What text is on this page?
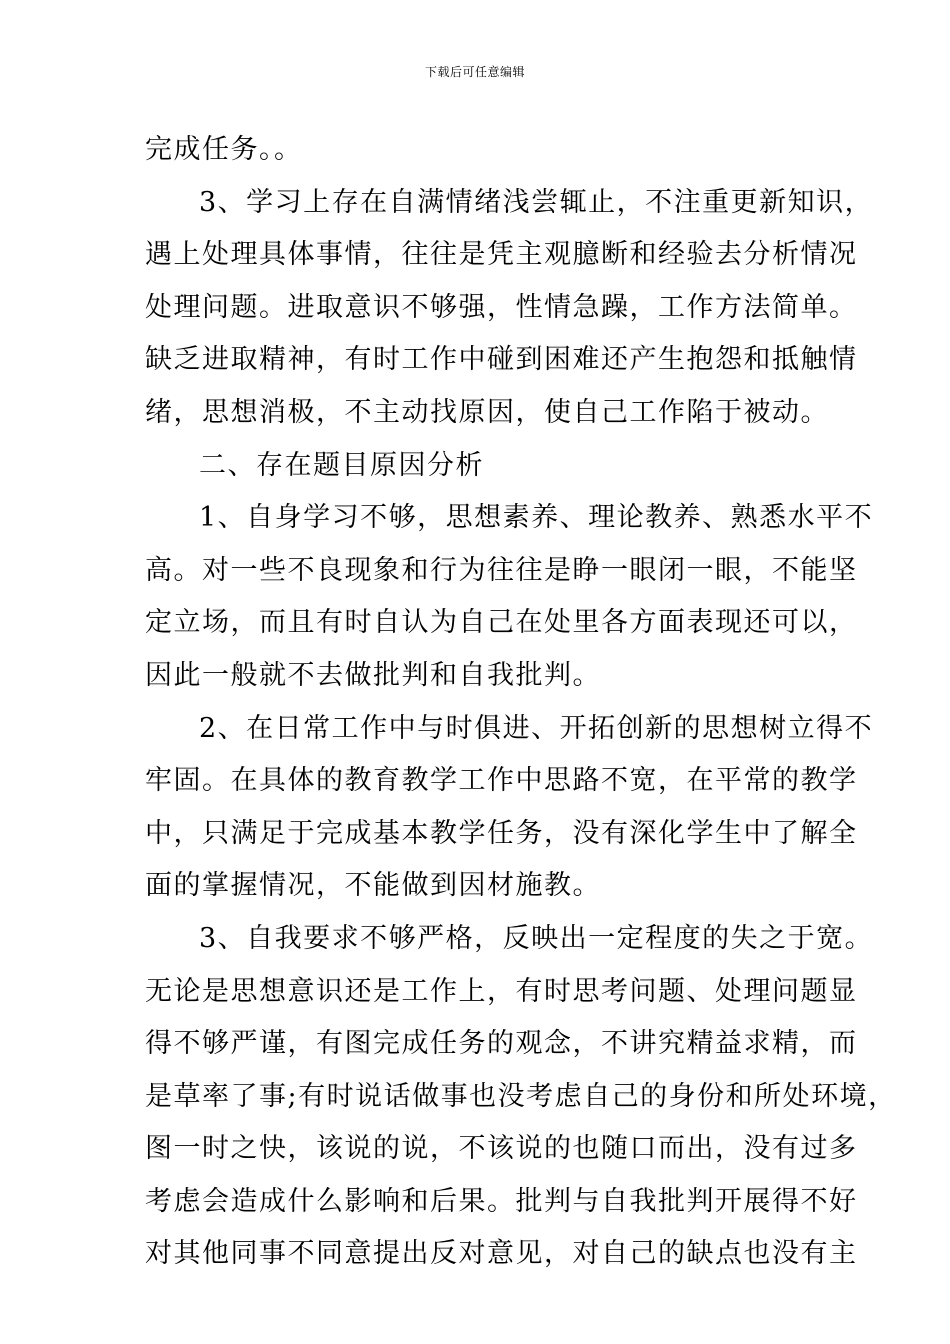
下载后可任意编辑
完成任务。。
3、学习上存在自满情绪浅尝辄止，不注重更新知识，
遇上处理具体事情，往往是凭主观臆断和经验去分析情况
处理问题。进取意识不够强，性情急躁，工作方法简单。
缺乏进取精神，有时工作中碰到困难还产生抱怨和抵触情
绪，思想消极，不主动找原因，使自己工作陷于被动。
二、存在题目原因分析
1、自身学习不够，思想素养、理论教养、熟悉水平不
高。对一些不良现象和行为往往是睁一眼闭一眼，不能坚
定立场，而且有时自认为自己在处里各方面表现还可以，
因此一般就不去做批判和自我批判。
2、在日常工作中与时俱进、开拓创新的思想树立得不
牢固。在具体的教育教学工作中思路不宽，在平常的教学
中，只满足于完成基本教学任务，没有深化学生中了解全
面的掌握情况，不能做到因材施教。
3、自我要求不够严格，反映出一定程度的失之于宽。
无论是思想意识还是工作上，有时思考问题、处理问题显
得不够严谨，有图完成任务的观念，不讲究精益求精，而
是草率了事;有时说话做事也没考虑自己的身份和所处环境，
图一时之快，该说的说，不该说的也随口而出，没有过多
考虑会造成什么影响和后果。批判与自我批判开展得不好
对其他同事不同意提出反对意见，对自己的缺点也没有主
